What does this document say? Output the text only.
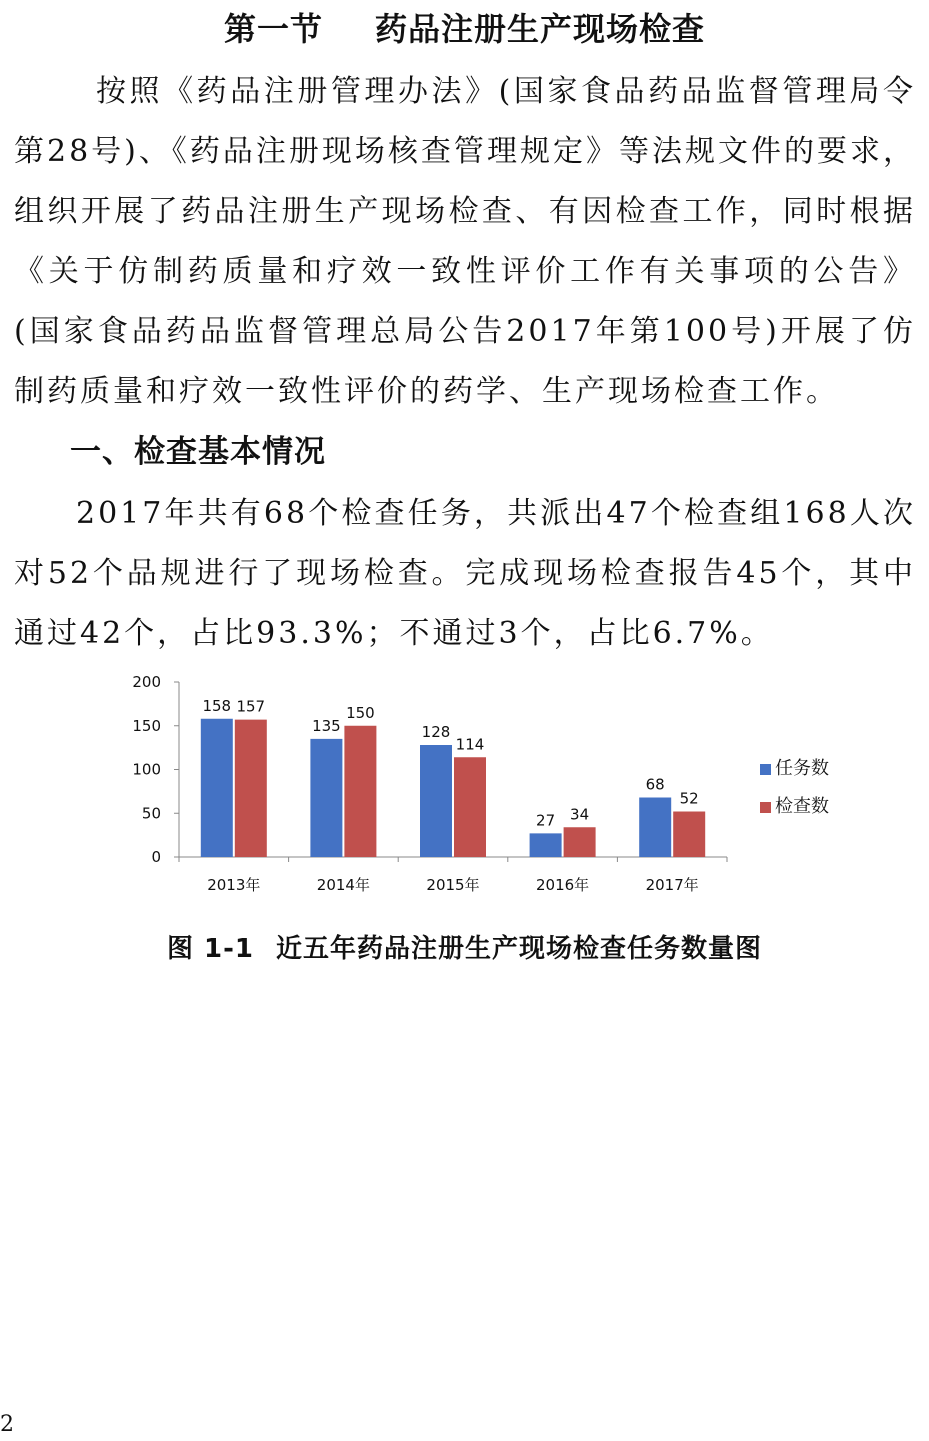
第一节 药品注册生产现场检查

按照《药品注册管理办法》(国家食品药品监督管理局令第28号)、《药品注册现场核查管理规定》等法规文件的要求，组织开展了药品注册生产现场检查、有因检查工作，同时根据《关于仿制药质量和疗效一致性评价工作有关事项的公告》(国家食品药品监督管理总局公告2017年第100号)开展了仿制药质量和疗效一致性评价的药学、生产现场检查工作。

一、检查基本情况

2017年共有68个检查任务，共派出47个检查组168人次对52个品规进行了现场检查。完成现场检查报告45个，其中通过42个，占比93.3%；不通过3个，占比6.7%。

0
50
100
150
200
2013年	2014年	2015年	2016年	2017年
158 157
135
150
128
114
27 34
68
52
任务数
检查数
图 1-1 近五年药品注册生产现场检查任务数量图
2
